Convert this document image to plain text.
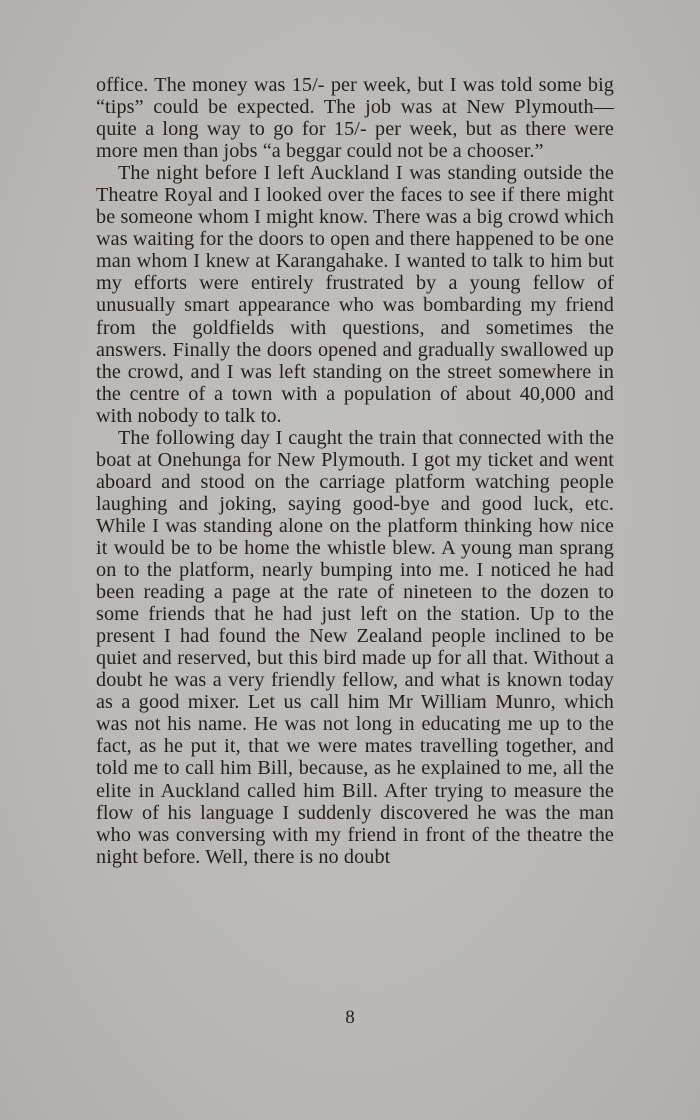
office. The money was 15/- per week, but I was told some big “tips” could be expected. The job was at New Plymouth—quite a long way to go for 15/- per week, but as there were more men than jobs “a beggar could not be a chooser.”

The night before I left Auckland I was standing outside the Theatre Royal and I looked over the faces to see if there might be someone whom I might know. There was a big crowd which was waiting for the doors to open and there happened to be one man whom I knew at Karangahake. I wanted to talk to him but my efforts were entirely frustrated by a young fellow of unusually smart appearance who was bombarding my friend from the goldfields with questions, and sometimes the answers. Finally the doors opened and gradually swallowed up the crowd, and I was left standing on the street somewhere in the centre of a town with a population of about 40,000 and with nobody to talk to.

The following day I caught the train that connected with the boat at Onehunga for New Plymouth. I got my ticket and went aboard and stood on the carriage platform watching people laughing and joking, saying good-bye and good luck, etc. While I was standing alone on the platform thinking how nice it would be to be home the whistle blew. A young man sprang on to the platform, nearly bumping into me. I noticed he had been reading a page at the rate of nineteen to the dozen to some friends that he had just left on the station. Up to the present I had found the New Zealand people inclined to be quiet and reserved, but this bird made up for all that. Without a doubt he was a very friendly fellow, and what is known today as a good mixer. Let us call him Mr William Munro, which was not his name. He was not long in educating me up to the fact, as he put it, that we were mates travelling together, and told me to call him Bill, because, as he explained to me, all the elite in Auckland called him Bill. After trying to measure the flow of his language I suddenly discovered he was the man who was conversing with my friend in front of the theatre the night before. Well, there is no doubt

8
